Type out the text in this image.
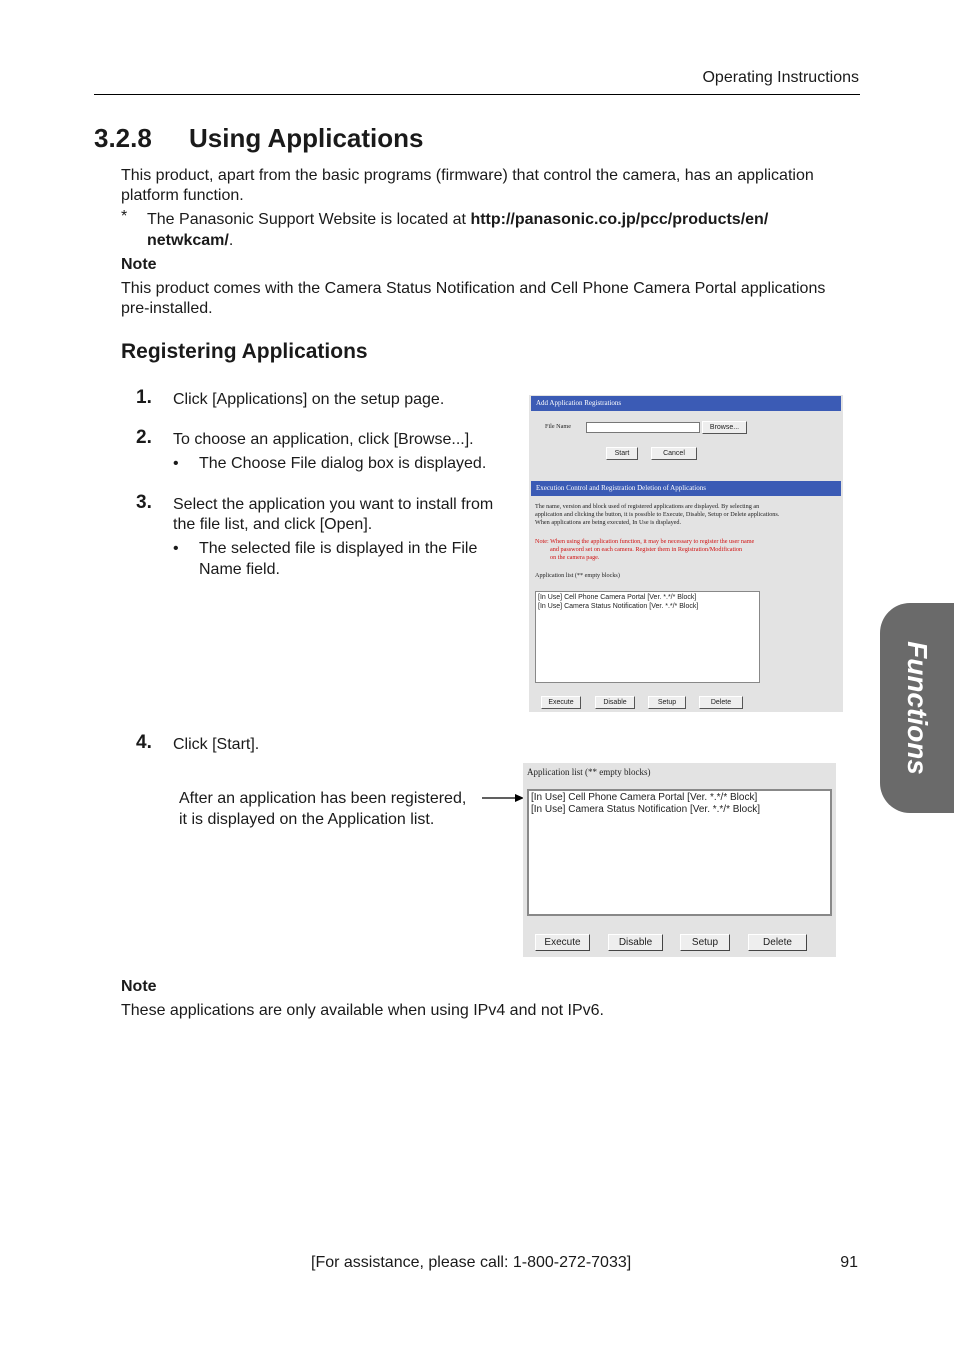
Operating Instructions
3.2.8 Using Applications
This product, apart from the basic programs (firmware) that control the camera, has an application
platform function.
* The Panasonic Support Website is located at http://panasonic.co.jp/pcc/products/en/
netwkcam/.
Note
This product comes with the Camera Status Notification and Cell Phone Camera Portal applications
pre-installed.
Registering Applications
1. Click [Applications] on the setup page.
2. To choose an application, click [Browse...].
• The Choose File dialog box is displayed.
3. Select the application you want to install from
the file list, and click [Open].
• The selected file is displayed in the File
Name field.
4. Click [Start].
Add Application Registrations
File Name	Browse...
Start	Cancel
Execution Control and Registration Deletion of Applications
The name, version and block used of registered applications are displayed. By selecting an
application and clicking the button, it is possible to Execute, Disable, Setup or Delete applications.
When applications are being executed, In Use is displayed.
Note: When using the application function, it may be necessary to register the user name
and password set on each camera. Register them in Registration/Modification
on the camera page.
Application list (** empty blocks)
[In Use] Cell Phone Camera Portal [Ver. *.*/* Block]
[In Use] Camera Status Notification [Ver. *.*/* Block]
Execute	Disable	Setup	Delete
After an application has been registered,
it is displayed on the Application list.
Application list (** empty blocks)
[In Use] Cell Phone Camera Portal [Ver. *.*/* Block]
[In Use] Camera Status Notification [Ver. *.*/* Block]
Execute	Disable	Setup	Delete
Note
These applications are only available when using IPv4 and not IPv6.
Functions
[For assistance, please call: 1-800-272-7033]	91
